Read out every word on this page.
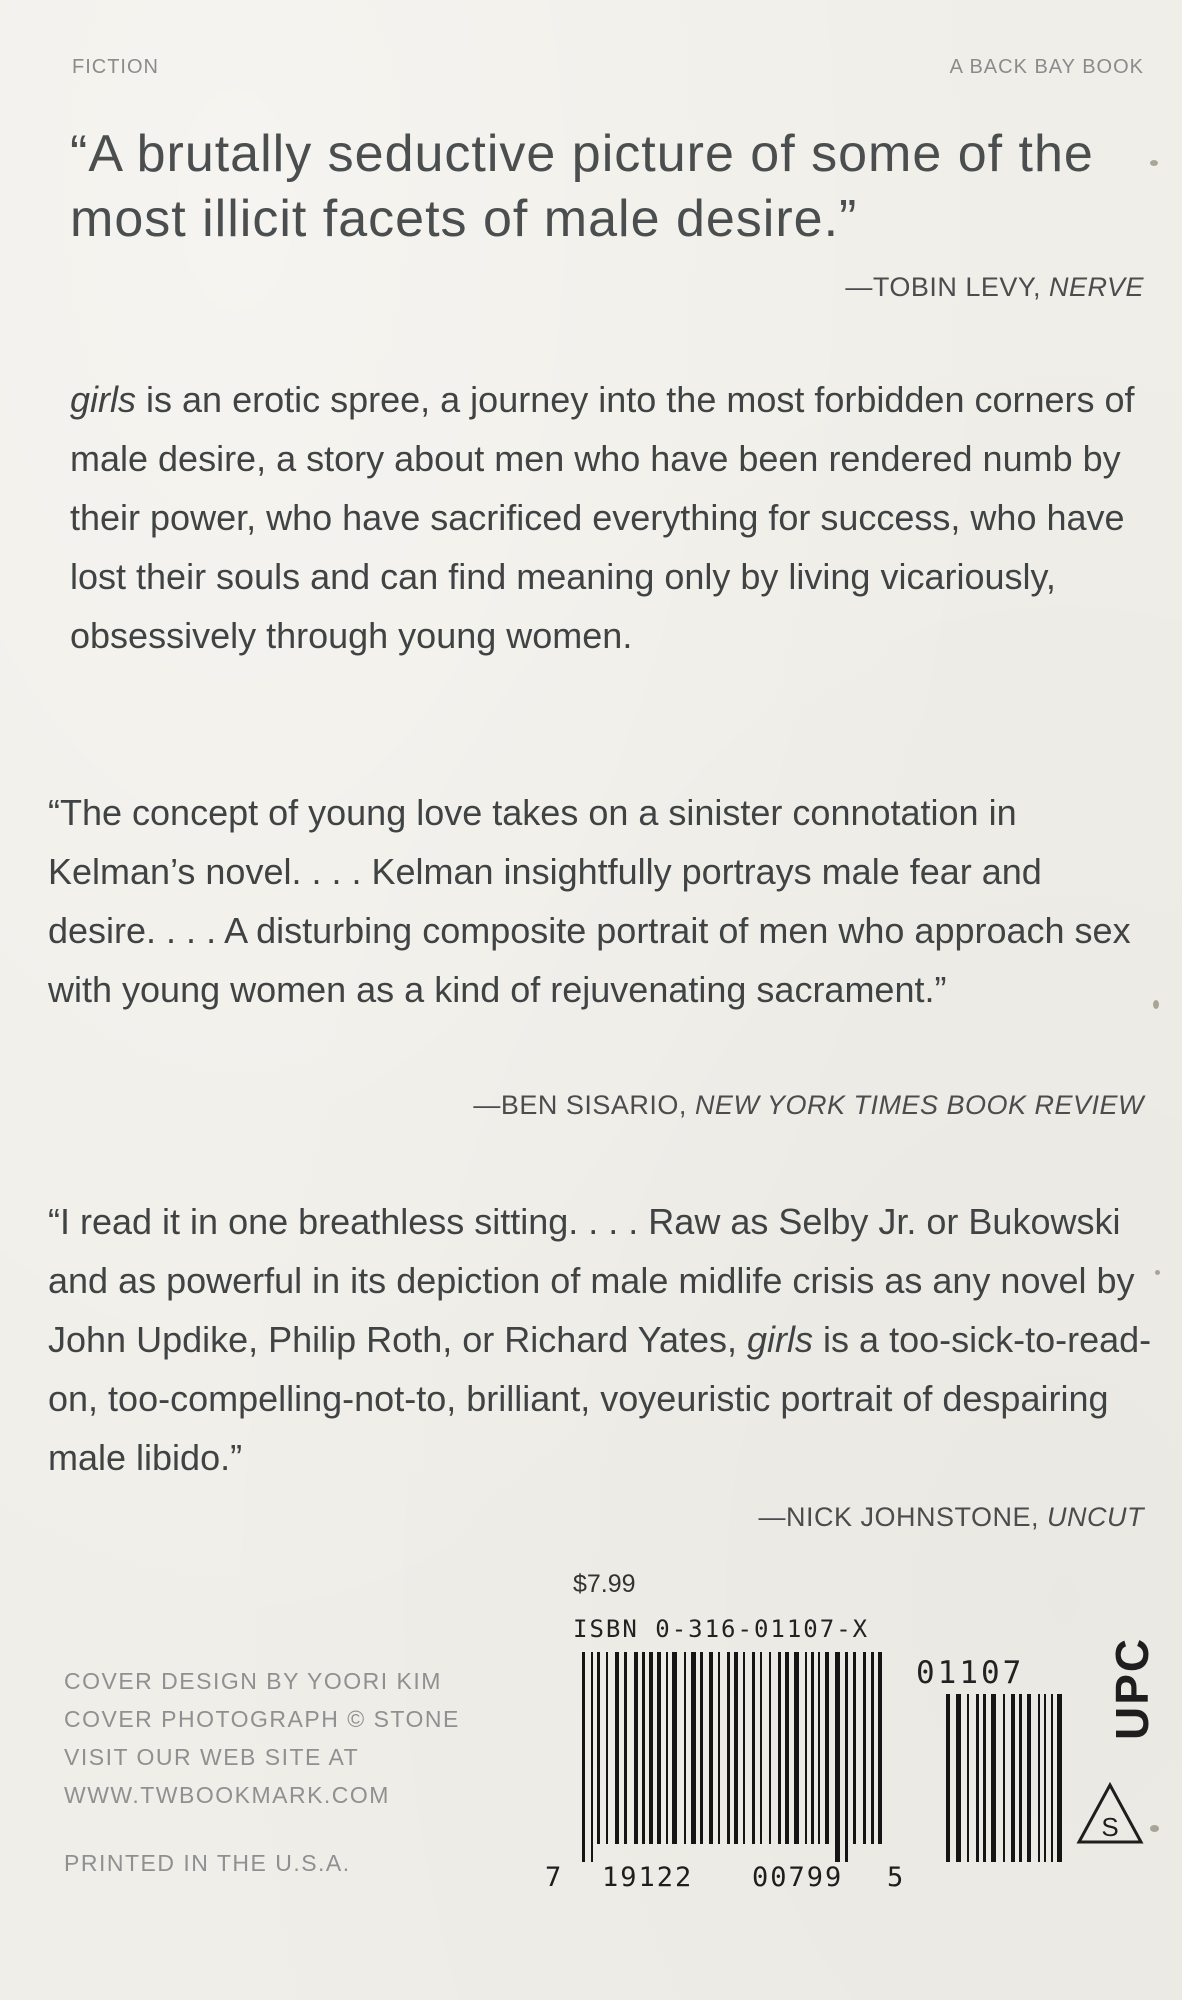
FICTION	A BACK BAY BOOK

“A brutally seductive picture of some of the most illicit facets of male desire.”

—TOBIN LEVY, NERVE

girls is an erotic spree, a journey into the most forbidden corners of male desire, a story about men who have been rendered numb by their power, who have sacrificed everything for success, who have lost their souls and can find meaning only by living vicariously, obsessively through young women.

“The concept of young love takes on a sinister connotation in Kelman’s novel. . . . Kelman insightfully portrays male fear and desire. . . . A disturbing composite portrait of men who approach sex with young women as a kind of rejuvenating sacrament.”

—BEN SISARIO, NEW YORK TIMES BOOK REVIEW

“I read it in one breathless sitting. . . . Raw as Selby Jr. or Bukowski and as powerful in its depiction of male midlife crisis as any novel by John Updike, Philip Roth, or Richard Yates, girls is a too-sick-to-read-on, too-compelling-not-to, brilliant, voyeuristic portrait of despairing male libido.”

—NICK JOHNSTONE, UNCUT
COVER DESIGN BY YOORI KIM
COVER PHOTOGRAPH © STONE
VISIT OUR WEB SITE AT
WWW.TWBOOKMARK.COM
PRINTED IN THE U.S.A.
$7.99
ISBN 0-316-01107-X
01107
7 19122 00799 5
UPC
S
